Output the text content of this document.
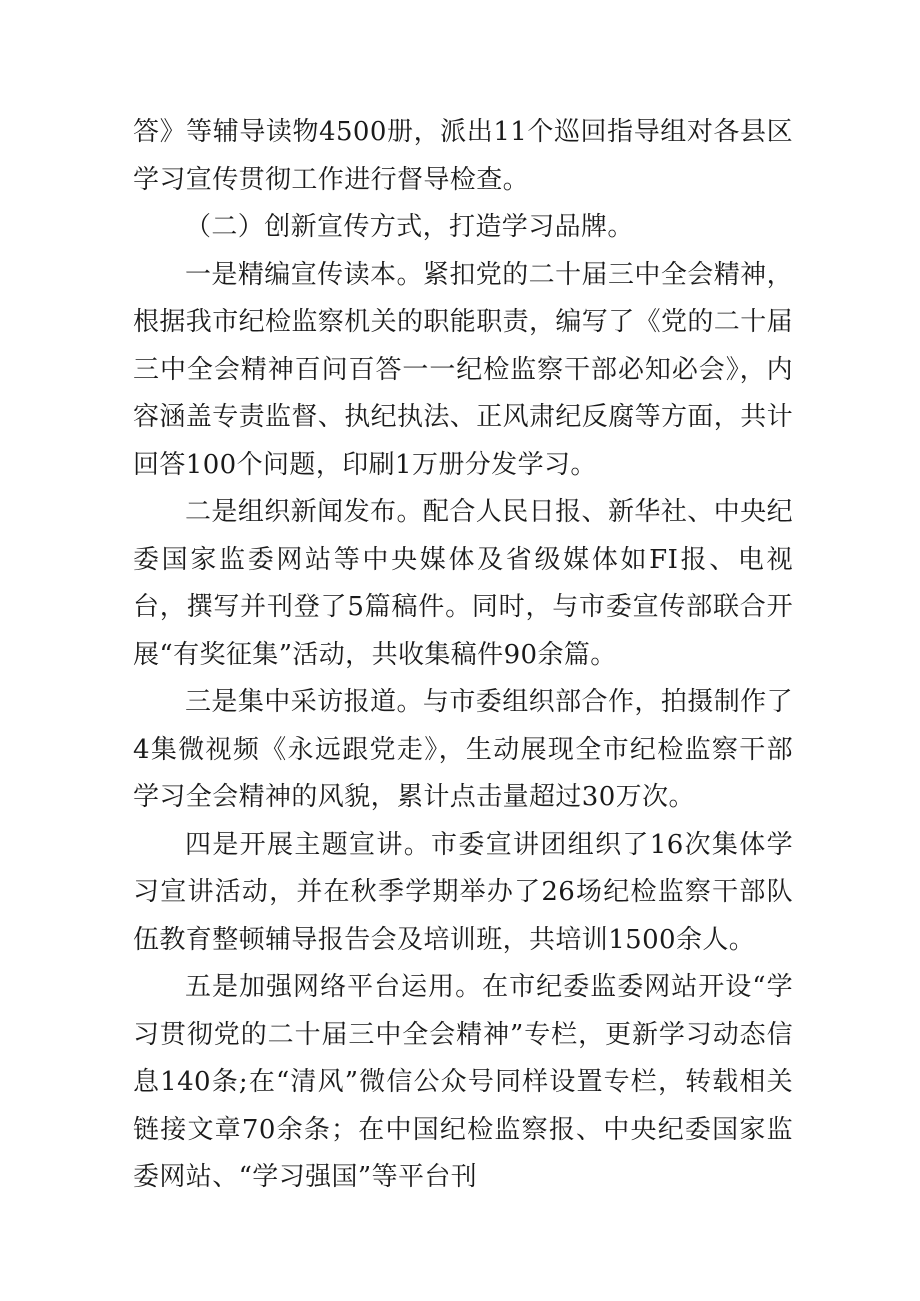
答》等辅导读物4500册，派出11个巡回指导组对各县区学习宣传贯彻工作进行督导检查。

（二）创新宣传方式，打造学习品牌。

一是精编宣传读本。紧扣党的二十届三中全会精神，根据我市纪检监察机关的职能职责，编写了《党的二十届三中全会精神百问百答一一纪检监察干部必知必会》，内容涵盖专责监督、执纪执法、正风肃纪反腐等方面，共计回答100个问题，印刷1万册分发学习。

二是组织新闻发布。配合人民日报、新华社、中央纪委国家监委网站等中央媒体及省级媒体如FI报、电视台，撰写并刊登了5篇稿件。同时，与市委宣传部联合开展“有奖征集”活动，共收集稿件90余篇。

三是集中采访报道。与市委组织部合作，拍摄制作了4集微视频《永远跟党走》，生动展现全市纪检监察干部学习全会精神的风貌，累计点击量超过30万次。

四是开展主题宣讲。市委宣讲团组织了16次集体学习宣讲活动，并在秋季学期举办了26场纪检监察干部队伍教育整顿辅导报告会及培训班，共培训1500余人。

五是加强网络平台运用。在市纪委监委网站开设“学习贯彻党的二十届三中全会精神”专栏，更新学习动态信息140条;在“清风”微信公众号同样设置专栏，转载相关链接文章70余条；在中国纪检监察报、中央纪委国家监委网站、“学习强国”等平台刊
